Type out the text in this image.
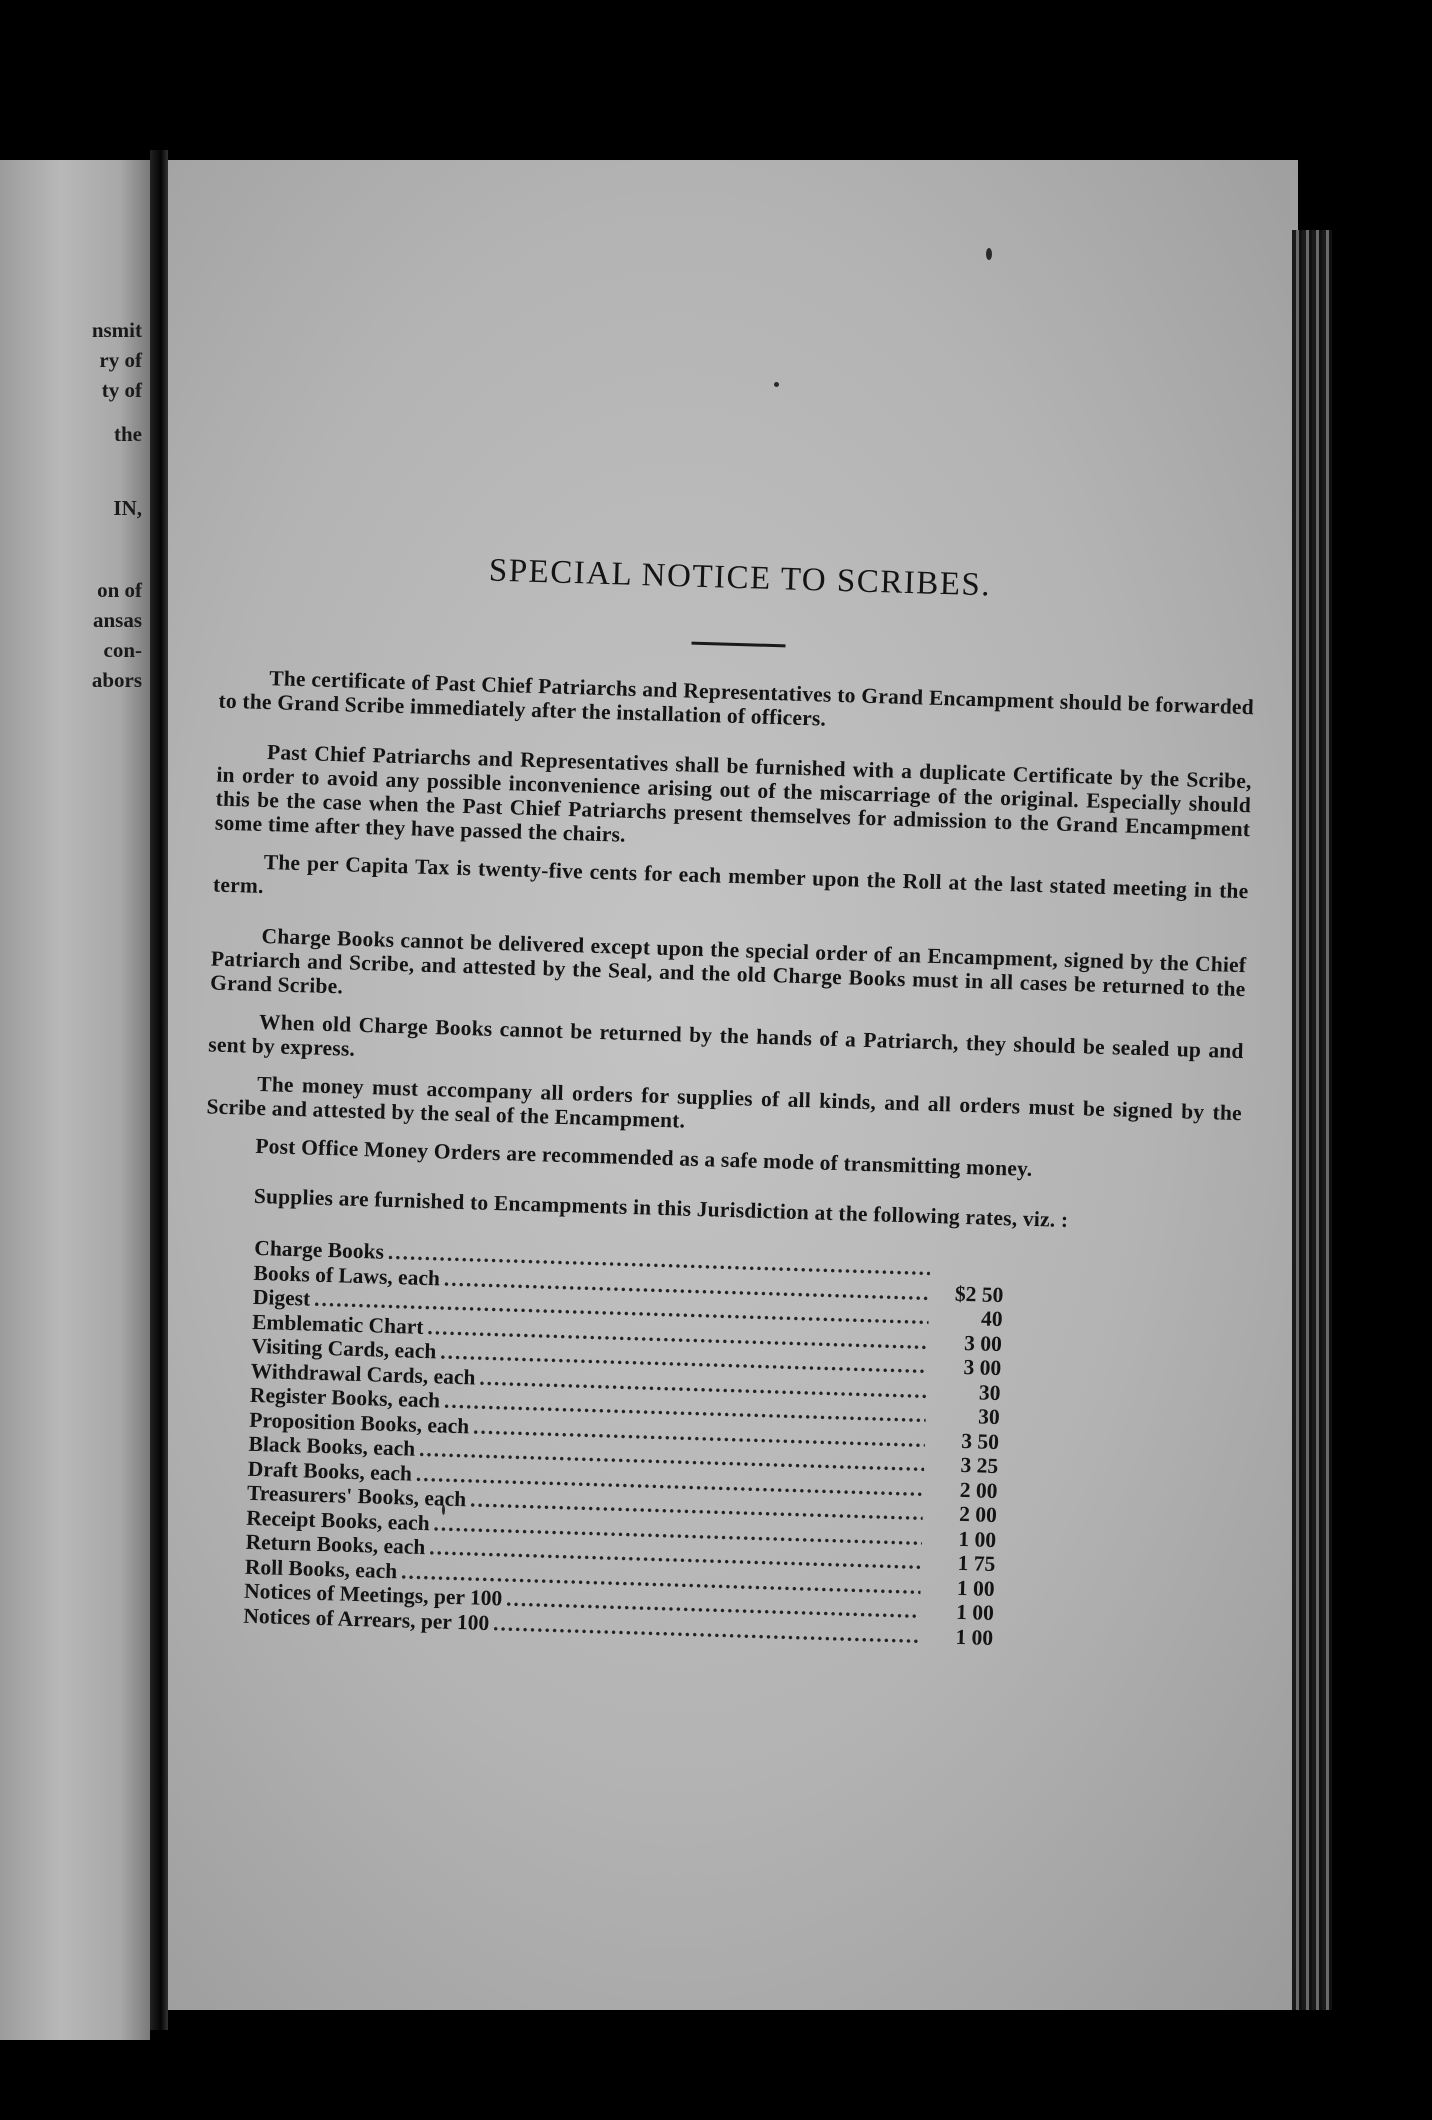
nsmit
ry of
ty of
the
IN,
on of
ansas
con-
abors
SPECIAL NOTICE TO SCRIBES.

The certificate of Past Chief Patriarchs and Representatives to Grand Encampment should be forwarded to the Grand Scribe immediately after the installation of officers.

Past Chief Patriarchs and Representatives shall be furnished with a duplicate Certificate by the Scribe, in order to avoid any possible inconvenience arising out of the miscarriage of the original. Especially should this be the case when the Past Chief Patriarchs present themselves for admission to the Grand Encampment some time after they have passed the chairs.

The per Capita Tax is twenty-five cents for each member upon the Roll at the last stated meeting in the term.

Charge Books cannot be delivered except upon the special order of an Encampment, signed by the Chief Patriarch and Scribe, and attested by the Seal, and the old Charge Books must in all cases be returned to the Grand Scribe.

When old Charge Books cannot be returned by the hands of a Patriarch, they should be sealed up and sent by express.

The money must accompany all orders for supplies of all kinds, and all orders must be signed by the Scribe and attested by the seal of the Encampment.

Post Office Money Orders are recommended as a safe mode of transmitting money.

Supplies are furnished to Encampments in this Jurisdiction at the following rates, viz. :

Charge Books
.....
Books of Laws, each
.....
$2 50
Digest
.....
40
Emblematic Chart
.....
3 00
Visiting Cards, each
.....
3 00
Withdrawal Cards, each
.....
30
Register Books, each
.....
30
Proposition Books, each
.....
3 50
Black Books, each
.....
3 25
Draft Books, each
.....
2 00
Treasurers' Books, each
.....
2 00
Receipt Books, each
.....
1 00
Return Books, each
.....
1 75
Roll Books, each
.....
1 00
Notices of Meetings, per 100
.....
1 00
Notices of Arrears, per 100
.....
1 00
